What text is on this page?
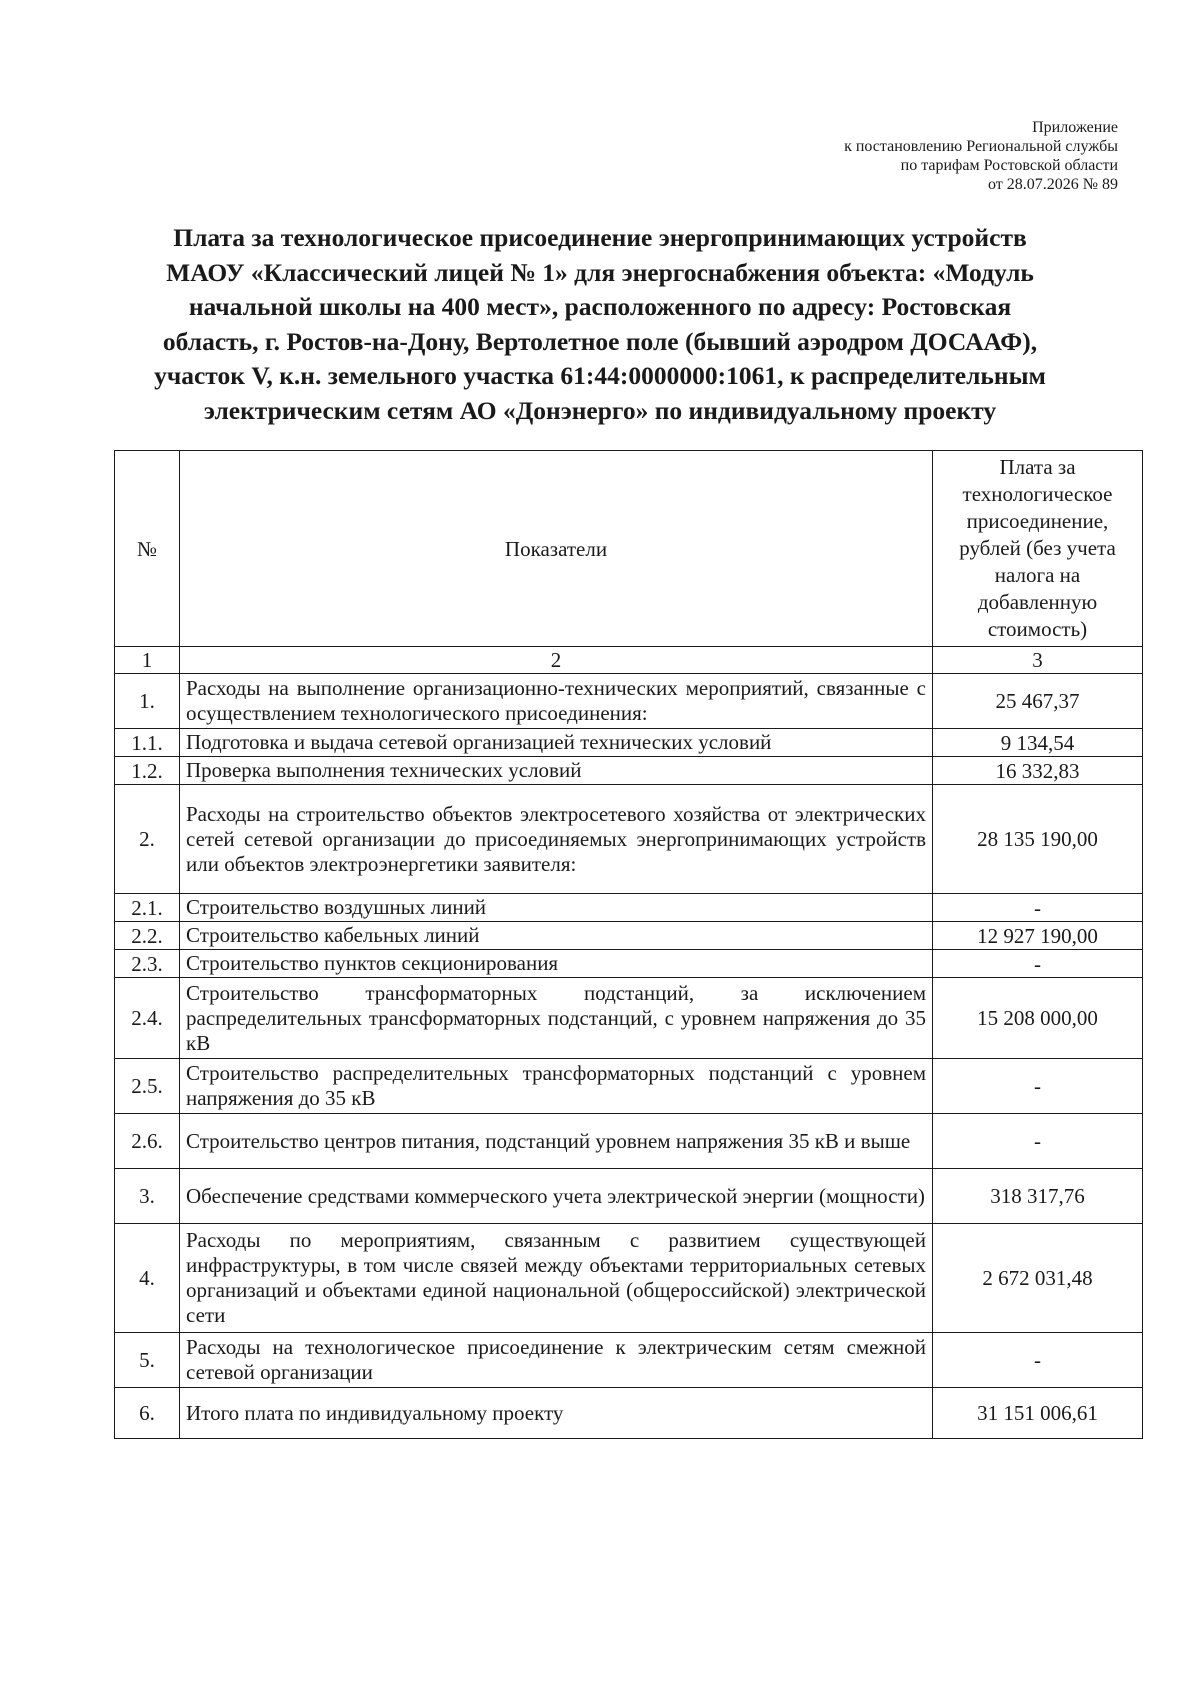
Приложение
к постановлению Региональной службы
по тарифам Ростовской области
от 28.07.2026 № 89
Плата за технологическое присоединение энергопринимающих устройств
МАОУ «Классический лицей № 1» для энергоснабжения объекта: «Модуль
начальной школы на 400 мест», расположенного по адресу: Ростовская
область, г. Ростов-на-Дону, Вертолетное поле (бывший аэродром ДОСААФ),
участок V, к.н. земельного участка 61:44:0000000:1061, к распределительным
электрическим сетям АО «Донэнерго» по индивидуальному проекту
№	Показатели	Плата за технологическое присоединение, рублей (без учета налога на добавленную стоимость)
1	2	3
1.	Расходы на выполнение организационно-технических мероприятий, связанные с осуществлением технологического присоединения:	25 467,37
1.1.	Подготовка и выдача сетевой организацией технических условий	9 134,54
1.2.	Проверка выполнения технических условий	16 332,83
2.	Расходы на строительство объектов электросетевого хозяйства от электрических сетей сетевой организации до присоединяемых энергопринимающих устройств или объектов электроэнергетики заявителя:	28 135 190,00
2.1.	Строительство воздушных линий	-
2.2.	Строительство кабельных линий	12 927 190,00
2.3.	Строительство пунктов секционирования	-
2.4.	Строительство трансформаторных подстанций, за исключением распределительных трансформаторных подстанций, с уровнем напряжения до 35 кВ	15 208 000,00
2.5.	Строительство распределительных трансформаторных подстанций с уровнем напряжения до 35 кВ	-
2.6.	Строительство центров питания, подстанций уровнем напряжения 35 кВ и выше	-
3.	Обеспечение средствами коммерческого учета электрической энергии (мощности)	318 317,76
4.	Расходы по мероприятиям, связанным с развитием существующей инфраструктуры, в том числе связей между объектами территориальных сетевых организаций и объектами единой национальной (общероссийской) электрической сети	2 672 031,48
5.	Расходы на технологическое присоединение к электрическим сетям смежной сетевой организации	-
6.	Итого плата по индивидуальному проекту	31 151 006,61
